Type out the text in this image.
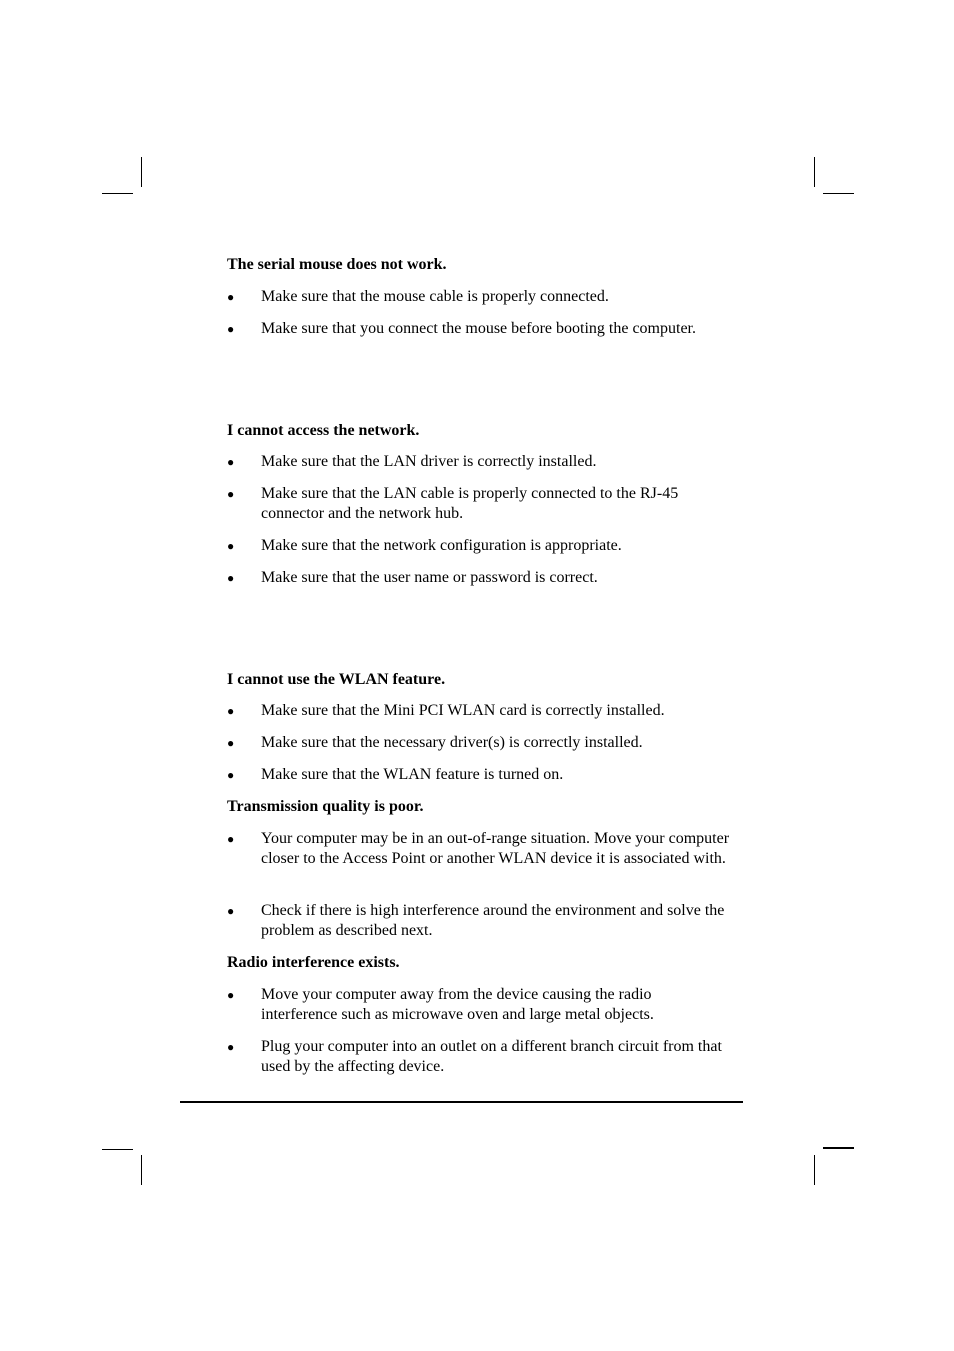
The serial mouse does not work.
● Make sure that the mouse cable is properly connected.
● Make sure that you connect the mouse before booting the computer.
I cannot access the network.
● Make sure that the LAN driver is correctly installed.
● Make sure that the LAN cable is properly connected to the RJ-45 connector and the network hub.
● Make sure that the network configuration is appropriate.
● Make sure that the user name or password is correct.
I cannot use the WLAN feature.
● Make sure that the Mini PCI WLAN card is correctly installed.
● Make sure that the necessary driver(s) is correctly installed.
● Make sure that the WLAN feature is turned on.
Transmission quality is poor.
● Your computer may be in an out-of-range situation. Move your computer closer to the Access Point or another WLAN device it is associated with.
● Check if there is high interference around the environment and solve the problem as described next.
Radio interference exists.
● Move your computer away from the device causing the radio interference such as microwave oven and large metal objects.
● Plug your computer into an outlet on a different branch circuit from that used by the affecting device.
